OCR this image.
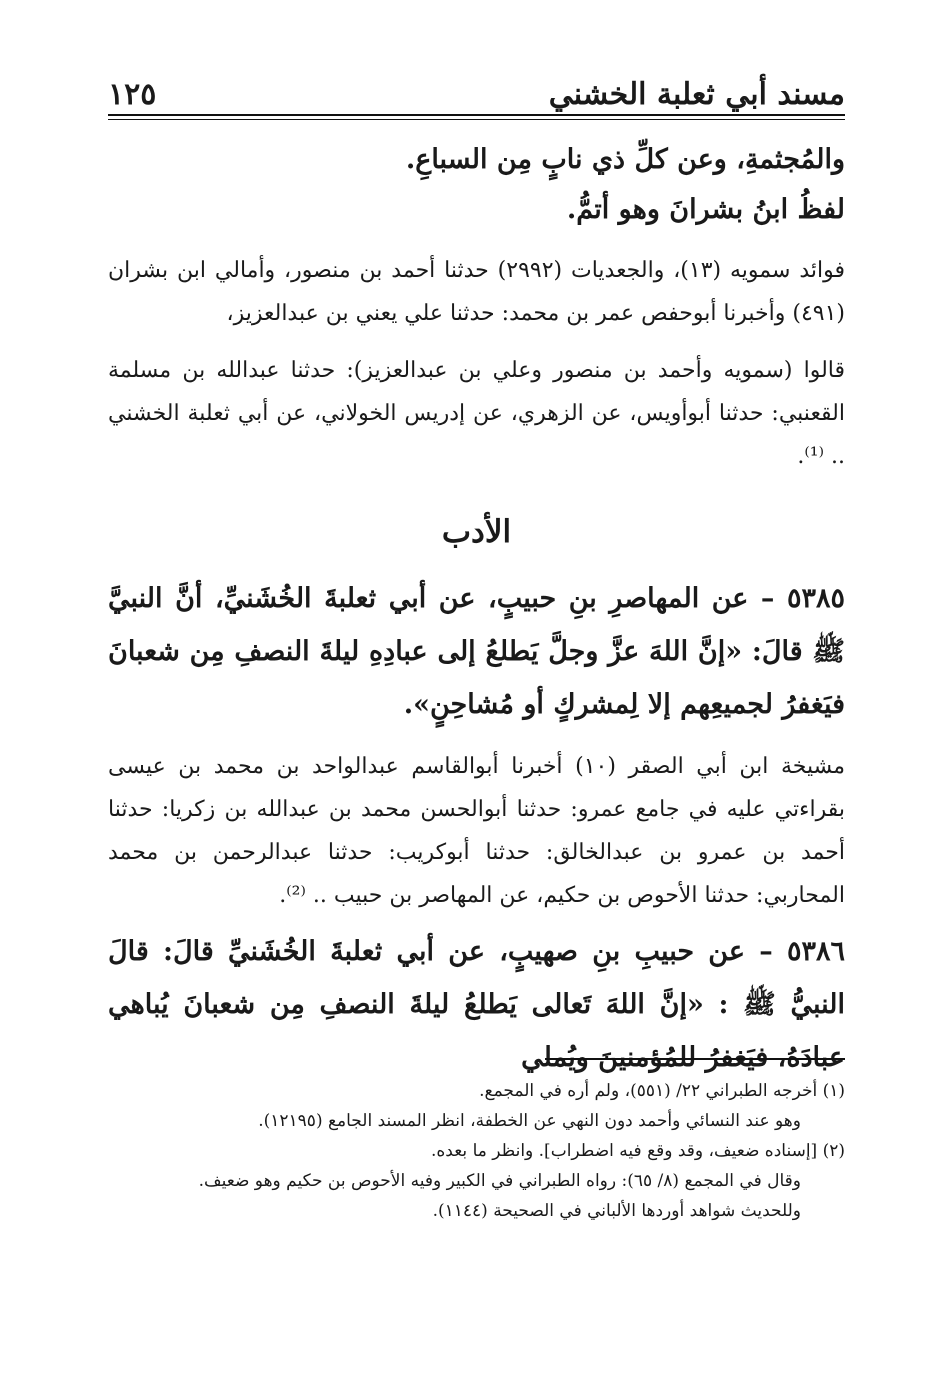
مسند أبي ثعلبة الخشني
١٢٥

والمُجثمةِ، وعن كلِّ ذي نابٍ مِن السباعِ.

لفظُ ابنُ بشرانَ وهو أتمُّ.

فوائد سمويه (١٣)، والجعديات (٢٩٩٢) حدثنا أحمد بن منصور، وأمالي ابن بشران (٤٩١) وأخبرنا أبوحفص عمر بن محمد: حدثنا علي يعني بن عبدالعزيز،

قالوا (سمويه وأحمد بن منصور وعلي بن عبدالعزيز): حدثنا عبدالله بن مسلمة القعنبي: حدثنا أبوأويس، عن الزهري، عن إدريس الخولاني، عن أبي ثعلبة الخشني .. ⁽¹⁾.

الأدب

٥٣٨٥ – عن المهاصرِ بنِ حبيبٍ، عن أبي ثعلبةَ الخُشَنيِّ، أنَّ النبيَّ ﷺ قالَ: «إنَّ اللهَ عزَّ وجلَّ يَطلعُ إلى عبادِهِ ليلةَ النصفِ مِن شعبانَ فيَغفرُ لجميعِهم إلا لِمشركٍ أو مُشاحِنٍ».

مشيخة ابن أبي الصقر (١٠) أخبرنا أبوالقاسم عبدالواحد بن محمد بن عيسى بقراءتي عليه في جامع عمرو: حدثنا أبوالحسن محمد بن عبدالله بن زكريا: حدثنا أحمد بن عمرو بن عبدالخالق: حدثنا أبوكريب: حدثنا عبدالرحمن بن محمد المحاربي: حدثنا الأحوص بن حكيم، عن المهاصر بن حبيب .. ⁽²⁾.

٥٣٨٦ – عن حبيبِ بنِ صهيبٍ، عن أبي ثعلبةَ الخُشَنيِّ قالَ: قالَ النبيُّ ﷺ : «إنَّ اللهَ تَعالى يَطلعُ ليلةَ النصفِ مِن شعبانَ يُباهي عبادَهُ، فيَغفرُ للمُؤمنينَ ويُملي

(١) أخرجه الطبراني ٢٢/ (٥٥١)، ولم أره في المجمع.

وهو عند النسائي وأحمد دون النهي عن الخطفة، انظر المسند الجامع (١٢١٩٥).

(٢) [إسناده ضعيف، وقد وقع فيه اضطراب]. وانظر ما بعده.

وقال في المجمع (٨/ ٦٥): رواه الطبراني في الكبير وفيه الأحوص بن حكيم وهو ضعيف.

وللحديث شواهد أوردها الألباني في الصحيحة (١١٤٤).
